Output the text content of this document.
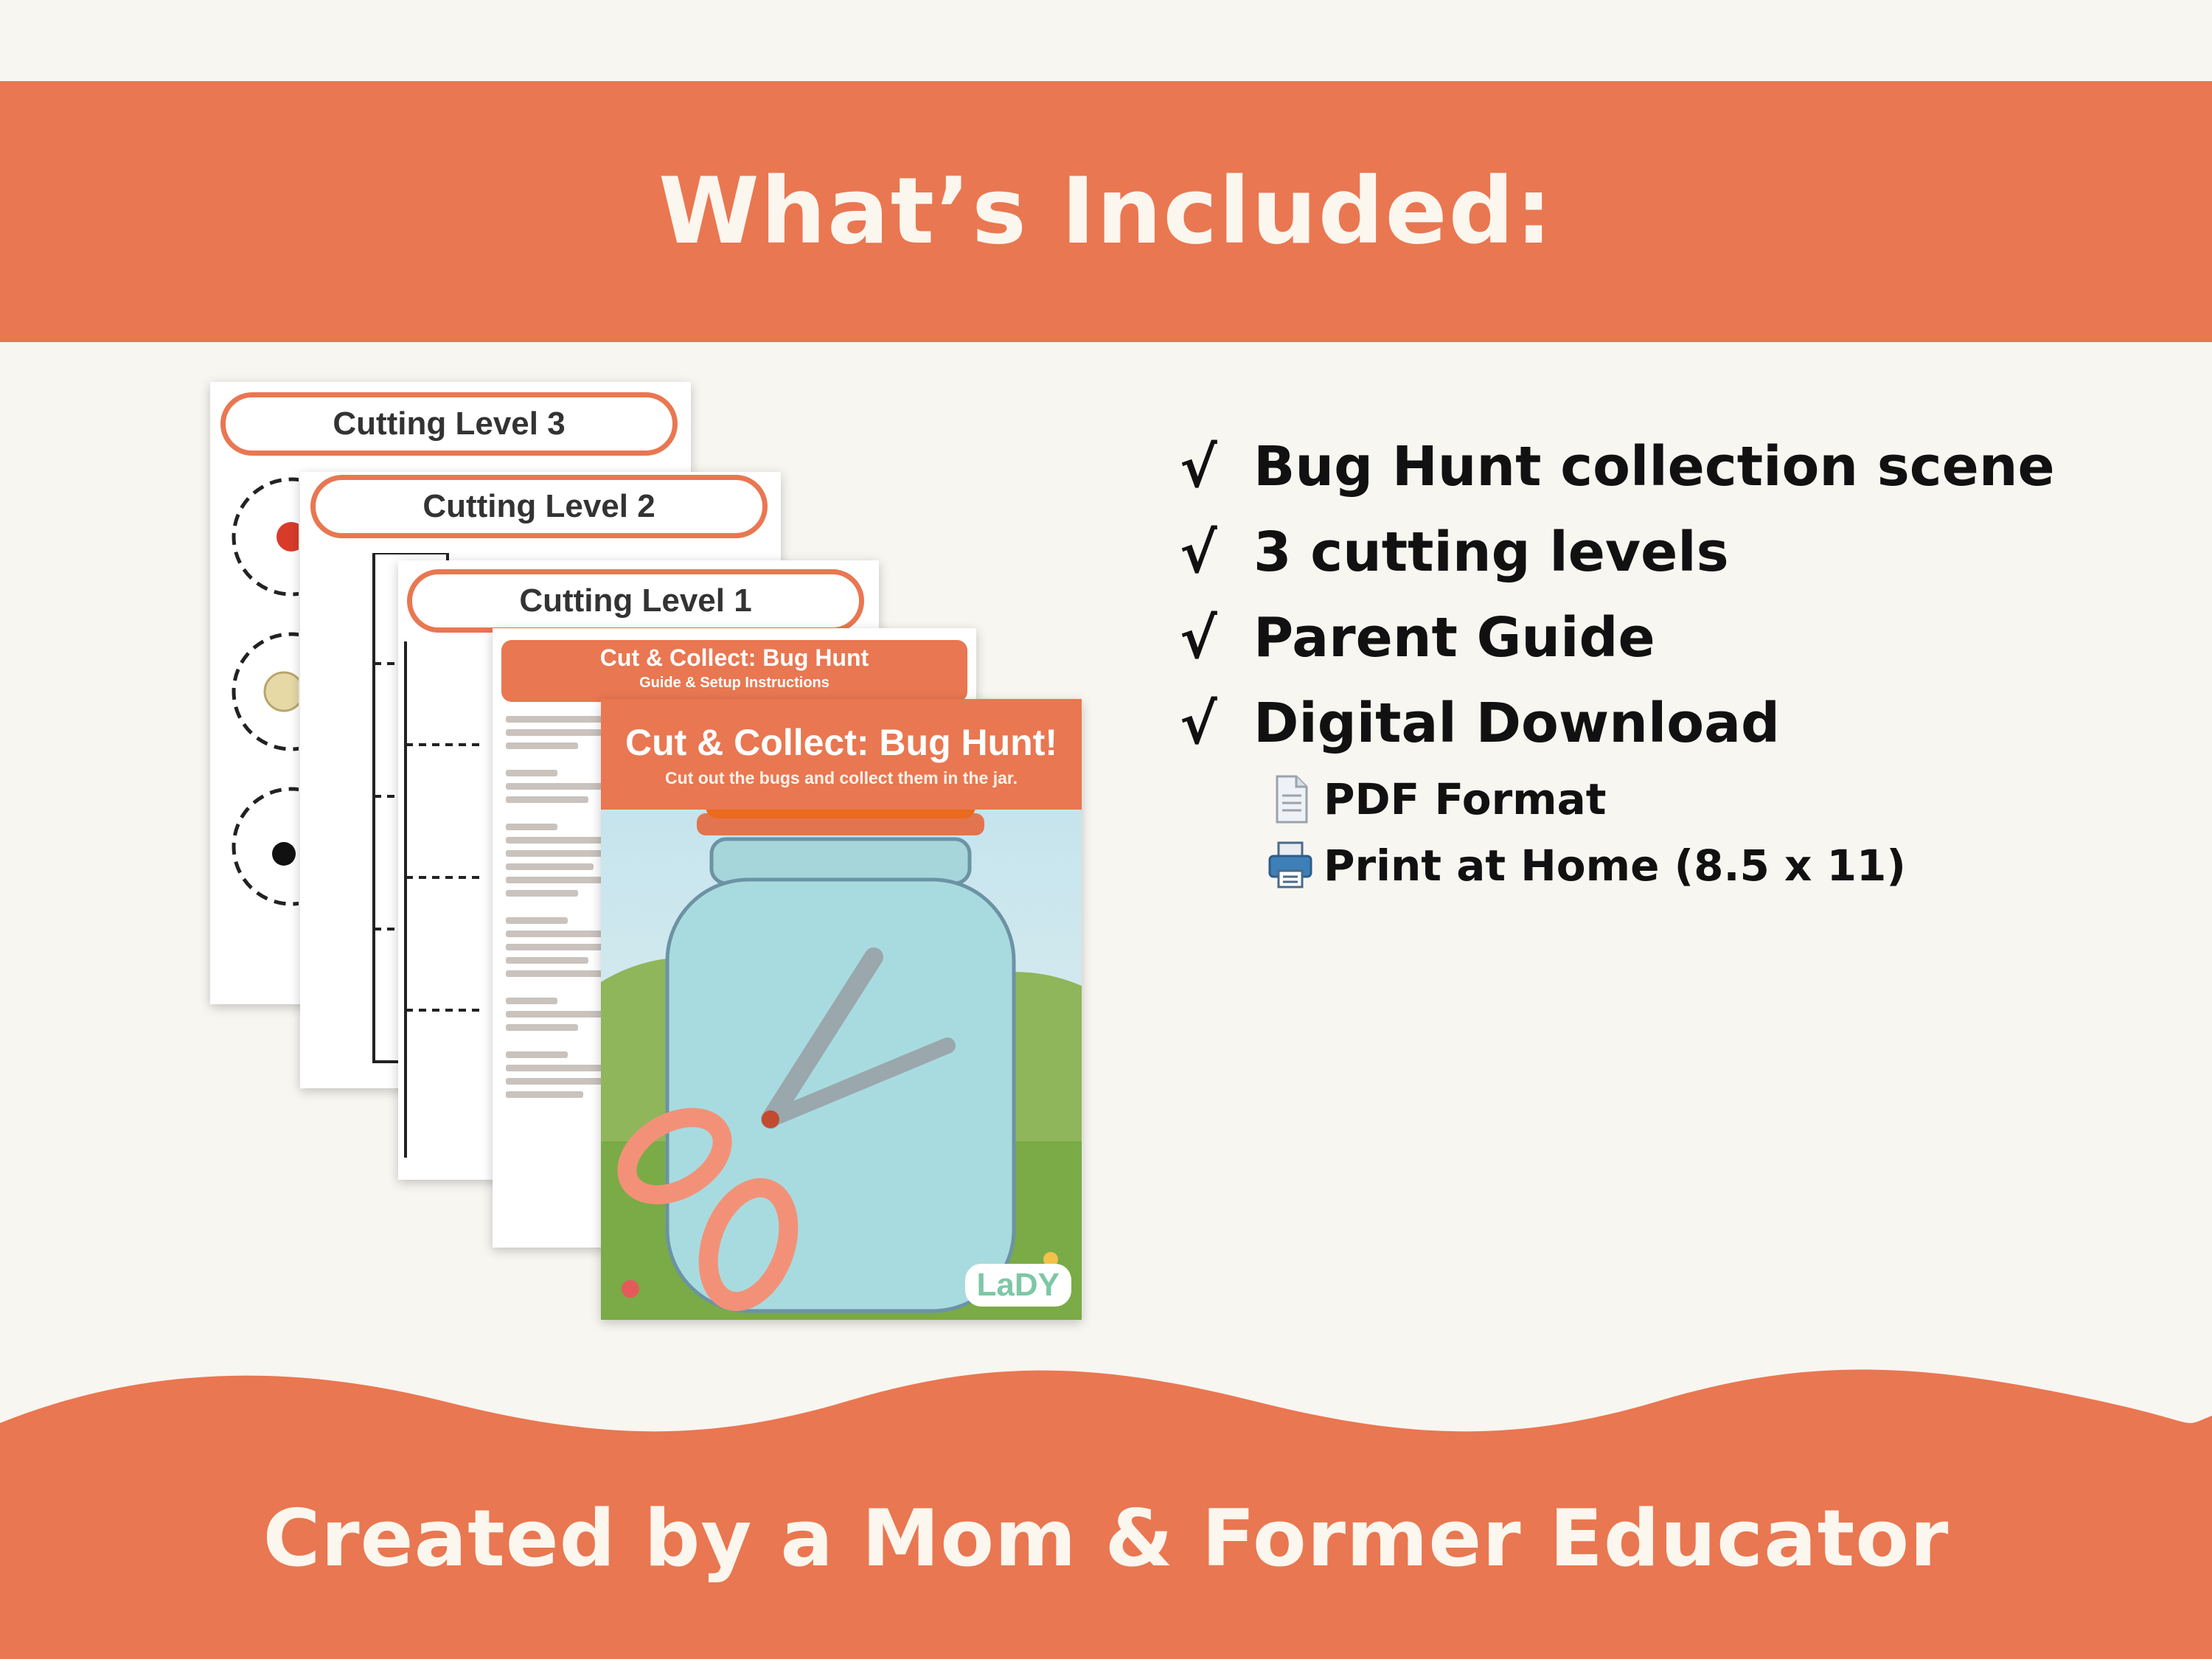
What’s Included:
Cutting Level 3
Cutting Level 2
Cutting Level 1
Cut & Collect: Bug Hunt
Guide & Setup Instructions
Cut & Collect: Bug Hunt!
Cut out the bugs and collect them in the jar.
LaDY
√ Bug Hunt collection scene
√ 3 cutting levels
√ Parent Guide
√ Digital Download
PDF Format
Print at Home (8.5 x 11)
Created by a Mom & Former Educator
